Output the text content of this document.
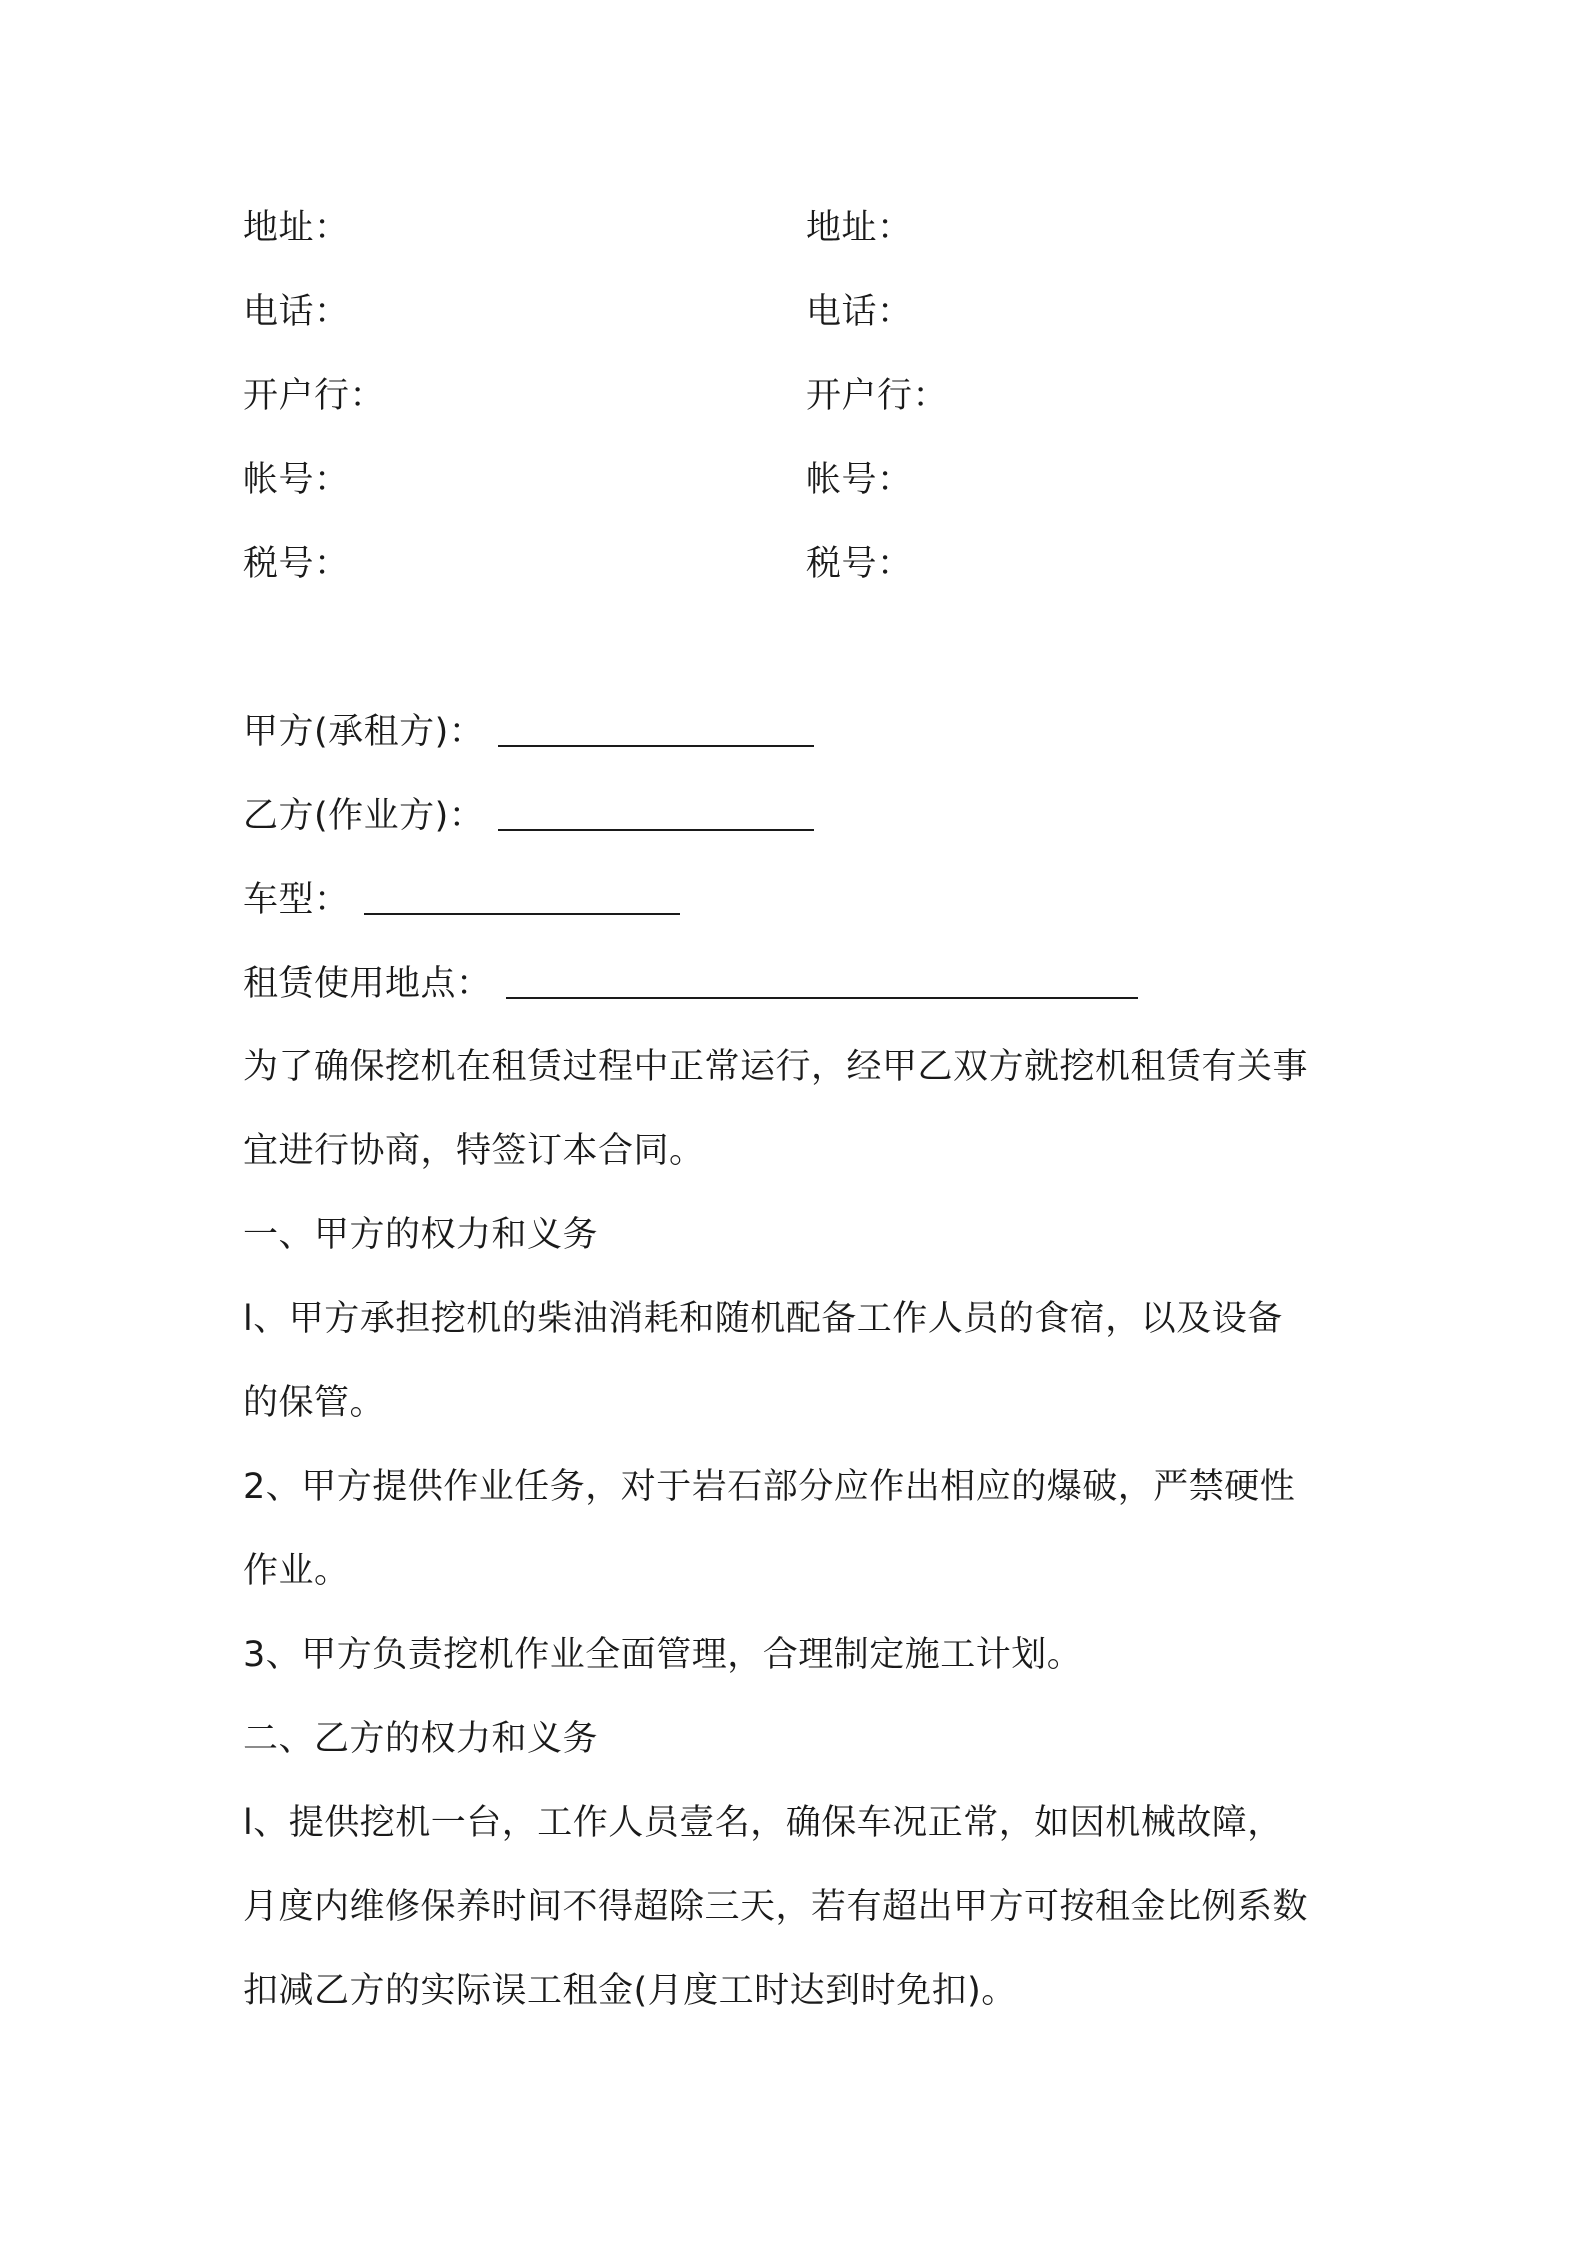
地址：
电话：
开户行：
帐号：
税号：
地址：
电话：
开户行：
帐号：
税号：
甲方(承租方)：
乙方(作业方)：
车型：
租赁使用地点：
为了确保挖机在租赁过程中正常运行，经甲乙双方就挖机租赁有关事
宜进行协商，特签订本合同。
一、甲方的权力和义务
l、甲方承担挖机的柴油消耗和随机配备工作人员的食宿，以及设备
的保管。
2、甲方提供作业任务，对于岩石部分应作出相应的爆破，严禁硬性
作业。
3、甲方负责挖机作业全面管理，合理制定施工计划。
二、乙方的权力和义务
l、提供挖机一台，工作人员壹名，确保车况正常，如因机械故障，
月度内维修保养时间不得超除三天，若有超出甲方可按租金比例系数
扣减乙方的实际误工租金(月度工时达到时免扣)。
